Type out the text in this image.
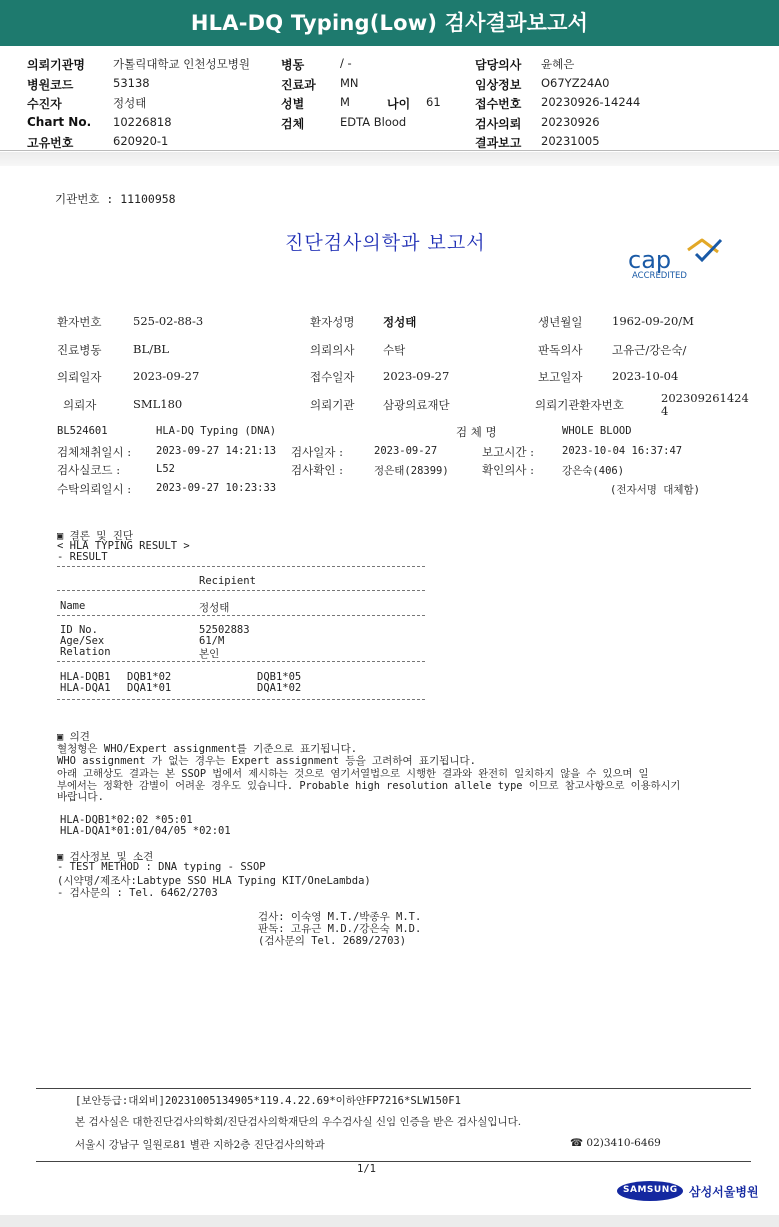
HLA-DQ Typing(Low) 검사결과보고서
의뢰기관명 가톨릭대학교 인천성모병원
병원코드	53138
수진자	정성태
Chart No. 10226818
고유번호	620920-1
병동	/ -
진료과 MN
성별	M	나이 61
검체	EDTA Blood
담당의사 윤혜은
임상정보 O67YZ24A0
접수번호 20230926-14244
검사의뢰 20230926
결과보고 20231005
기관번호 : 11100958
진단검사의학과 보고서
cap
ACCREDITED
환자번호	525-02-88-3	환자성명 정성태	생년월일	1962-09-20/M
진료병동	BL/BL	의뢰의사 수탁	판독의사	고유근/강은숙/
의뢰일자	2023-09-27	접수일자 2023-09-27	보고일자	2023-10-04
의뢰자	SML180	의뢰기관 삼광의료재단	의뢰기관환자번호	202309261424
4
BL524601	HLA-DQ Typing (DNA)	검 체 명	WHOLE BLOOD
검체채취일시 : 2023-09-27 14:21:13 검사일자 :	2023-09-27	보고시간 :	2023-10-04 16:37:47
검사실코드 :	L52	검사확인 :	정은태(28399)	확인의사 :	강은숙(406)
수탁의뢰일시 : 2023-09-27 10:23:33	(전자서명 대체함)
▣ 결론 및 진단
< HLA TYPING RESULT >
- RESULT
Recipient
Name	정성태
ID No.	52502883
Age/Sex	61/M
Relation	본인
HLA-DQB1 DQB1*02	DQB1*05
HLA-DQA1 DQA1*01	DQA1*02
▣ 의견
혈청형은 WHO/Expert assignment를 기준으로 표기됩니다.
WHO assignment 가 없는 경우는 Expert assignment 등을 고려하여 표기됩니다.
아래 고해상도 결과는 본 SSOP 법에서 제시하는 것으로 염기서열법으로 시행한 결과와 완전히 일치하지 않을 수 있으며 일
부에서는 정확한 감별이 어려운 경우도 있습니다. Probable high resolution allele type 이므로 참고사항으로 이용하시기
바랍니다.
HLA-DQB1*02:02 *05:01
HLA-DQA1*01:01/04/05 *02:01
▣ 검사정보 및 소견
- TEST METHOD : DNA typing - SSOP
(시약명/제조사:Labtype SSO HLA Typing KIT/OneLambda)
- 검사문의 : Tel. 6462/2703
검사: 이숙영 M.T./박종우 M.T.
판독: 고유근 M.D./강은숙 M.D.
(검사문의 Tel. 2689/2703)
[보안등급:대외비]20231005134905*119.4.22.69*이하얀FP7216*SLW150F1
본 검사실은 대한진단검사의학회/진단검사의학재단의 우수검사실 신임 인증을 받은 검사실입니다.
서울시 강남구 일원로81 별관 지하2층 진단검사의학과	☎ 02)3410-6469
1/1
SAMSUNG 삼성서울병원
